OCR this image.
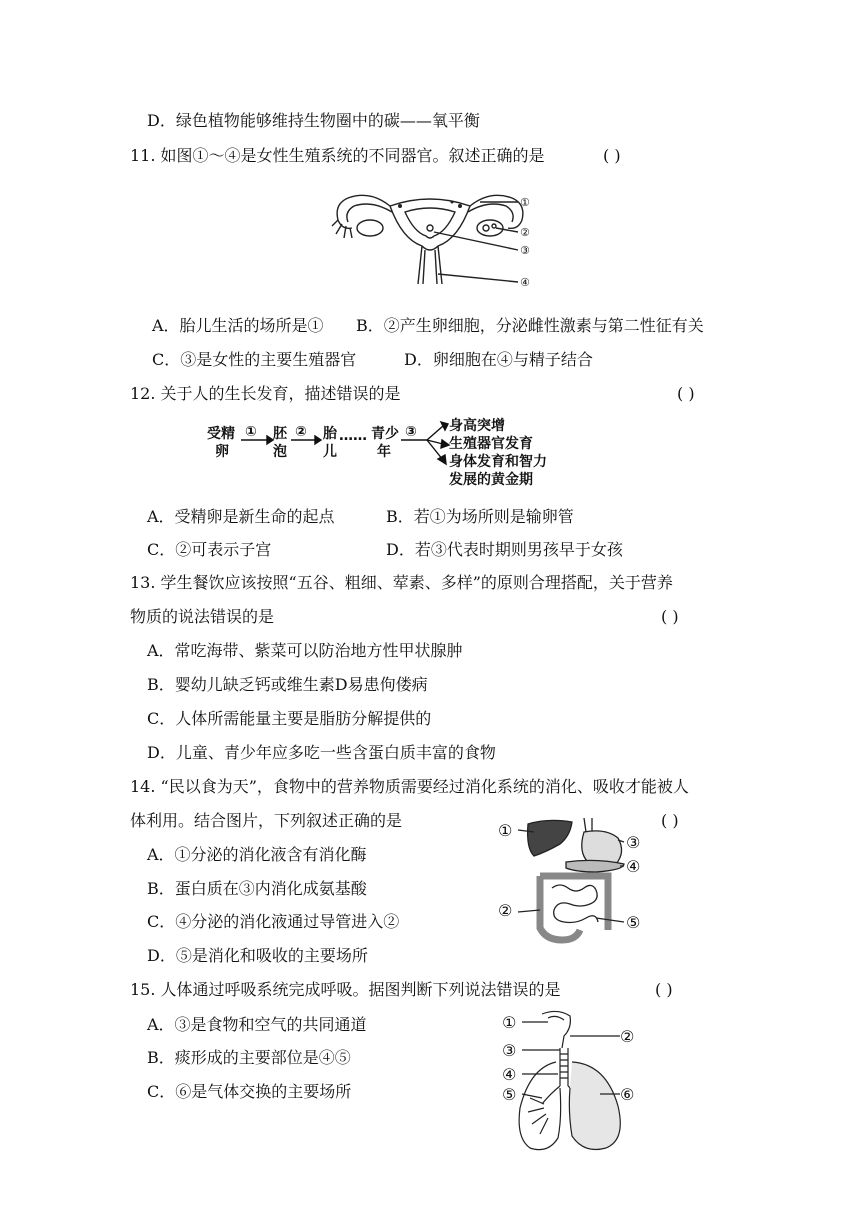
D．绿色植物能够维持生物圈中的碳——氧平衡
11. 如图①～④是女性生殖系统的不同器官。叙述正确的是	( )
①
②
③
④
A．胎儿生活的场所是① B．②产生卵细胞，分泌雌性激素与第二性征有关
C．③是女性的主要生殖器官	D．卵细胞在④与精子结合
12. 关于人的生长发育，描述错误的是	( )
受精
卵
① 胚
泡
② 胎
儿
…… 青少
年
③ 身高突增
生殖器官发育
身体发育和智力
发展的黄金期
A．受精卵是新生命的起点	B．若①为场所则是输卵管
C．②可表示子宫	D．若③代表时期则男孩早于女孩
13. 学生餐饮应该按照“五谷、粗细、荤素、多样”的原则合理搭配，关于营养
物质的说法错误的是	( )
A．常吃海带、紫菜可以防治地方性甲状腺肿
B．婴幼儿缺乏钙或维生素D易患佝偻病
C．人体所需能量主要是脂肪分解提供的
D．儿童、青少年应多吃一些含蛋白质丰富的食物
14. “民以食为天”，食物中的营养物质需要经过消化系统的消化、吸收才能被人
体利用。结合图片，下列叙述正确的是	( )
①
②
③
④
⑤
A．①分泌的消化液含有消化酶
B．蛋白质在③内消化成氨基酸
C．④分泌的消化液通过导管进入②
D．⑤是消化和吸收的主要场所
15. 人体通过呼吸系统完成呼吸。据图判断下列说法错误的是	( )
①
②
③
④
⑤	⑥
A．③是食物和空气的共同通道
B．痰形成的主要部位是④⑤
C．⑥是气体交换的主要场所
